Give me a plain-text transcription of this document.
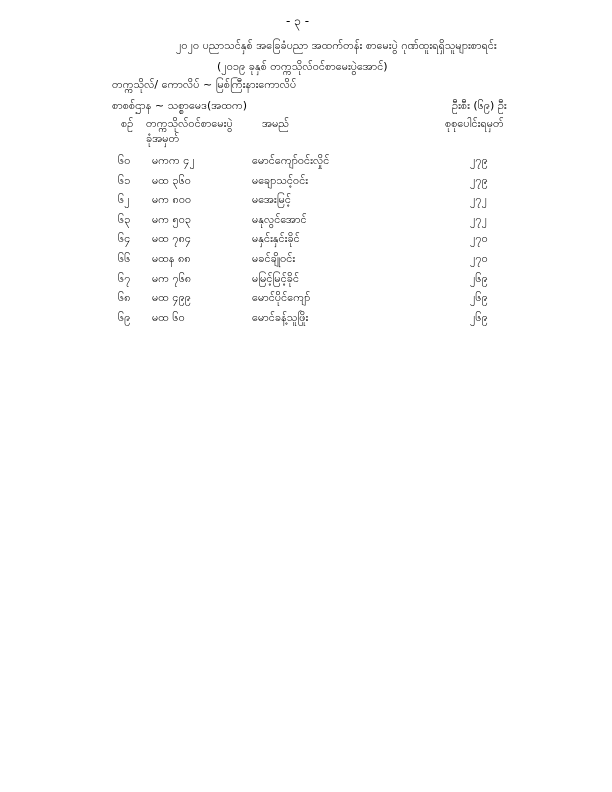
- ၃ -
၂၀၂၀ ပညာသင်နှစ် အခြေခံပညာ အထက်တန်း စာမေးပွဲ ဂုဏ်ထူးရရှိသူများစာရင်း
(၂၀၁၉ ခုနှစ် တက္ကသိုလ်ဝင်စာမေးပွဲအောင်)
တက္ကသိုလ်/ ကောလိပ် ~ မြစ်ကြီးနားကောလိပ်
စာစစ်ဌာန ~ သစ္စာမေဒ(အထက)	ဦးစီး (၆၉) ဦး
စဉ် တက္ကသိုလ်ဝင်စာမေးပွဲ
ခုံအမှတ်
အမည်	စုစုပေါင်းရမှတ်
၆၀ မကက ၄၂	မောင်ကျော်ဝင်းလှိုင်	၂၇၉
၆၁ မထ ၃၆၀	မချောသင့်ဝင်း	၂၇၉
၆၂ မက ၈၀၀	မအေးမြင့်	၂၇၂
၆၃ မက ၅၀၃	မနုလွင်အောင်	၂၇၂
၆၄ မထ ၇၈၄	မနှင်းနှင်းခိုင်	၂၇၀
၆၆ မထန ၈၈	မခင်ချိုဝင်း	၂၇၀
၆၇ မက ၇၆၈	မမြင့်မြင့်ခိုင်	၂၆၉
၆၈ မထ ၄၉၉	မောင်ပိုင်ကျော်	၂၆၉
၆၉ မထ ၆၀	မောင်ခန့်သူဖြိုး	၂၆၉
